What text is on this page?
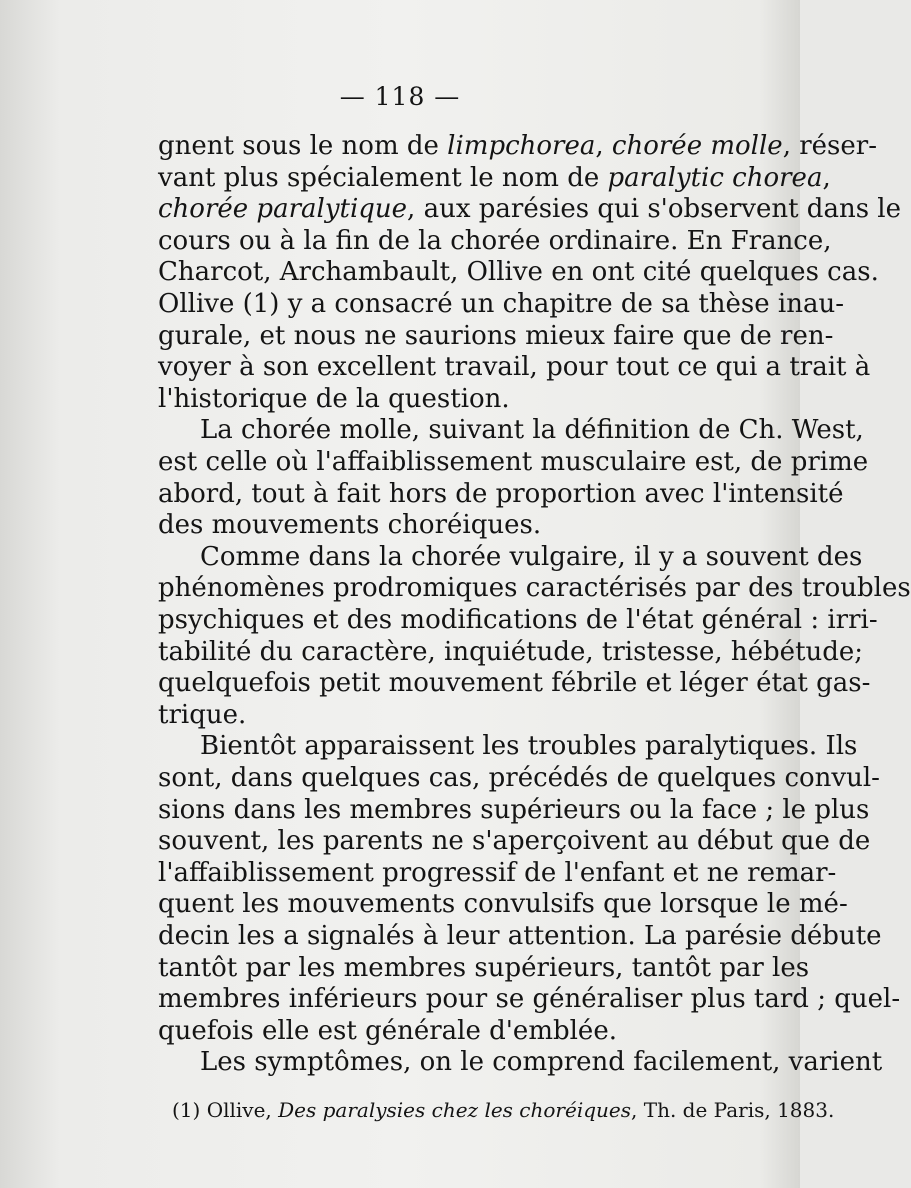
— 118 —
gnent sous le nom de limpchorea, chorée molle, réser-
vant plus spécialement le nom de paralytic chorea,
chorée paralytique, aux parésies qui s'observent dans le
cours ou à la fin de la chorée ordinaire. En France,
Charcot, Archambault, Ollive en ont cité quelques cas.
Ollive (1) y a consacré un chapitre de sa thèse inau-
gurale, et nous ne saurions mieux faire que de ren-
voyer à son excellent travail, pour tout ce qui a trait à
l'historique de la question.
La chorée molle, suivant la définition de Ch. West,
est celle où l'affaiblissement musculaire est, de prime
abord, tout à fait hors de proportion avec l'intensité
des mouvements choréiques.
Comme dans la chorée vulgaire, il y a souvent des
phénomènes prodromiques caractérisés par des troubles
psychiques et des modifications de l'état général : irri-
tabilité du caractère, inquiétude, tristesse, hébétude;
quelquefois petit mouvement fébrile et léger état gas-
trique.
Bientôt apparaissent les troubles paralytiques. Ils
sont, dans quelques cas, précédés de quelques convul-
sions dans les membres supérieurs ou la face ; le plus
souvent, les parents ne s'aperçoivent au début que de
l'affaiblissement progressif de l'enfant et ne remar-
quent les mouvements convulsifs que lorsque le mé-
decin les a signalés à leur attention. La parésie débute
tantôt par les membres supérieurs, tantôt par les
membres inférieurs pour se généraliser plus tard ; quel-
quefois elle est générale d'emblée.
Les symptômes, on le comprend facilement, varient
(1) Ollive, Des paralysies chez les choréiques, Th. de Paris, 1883.
